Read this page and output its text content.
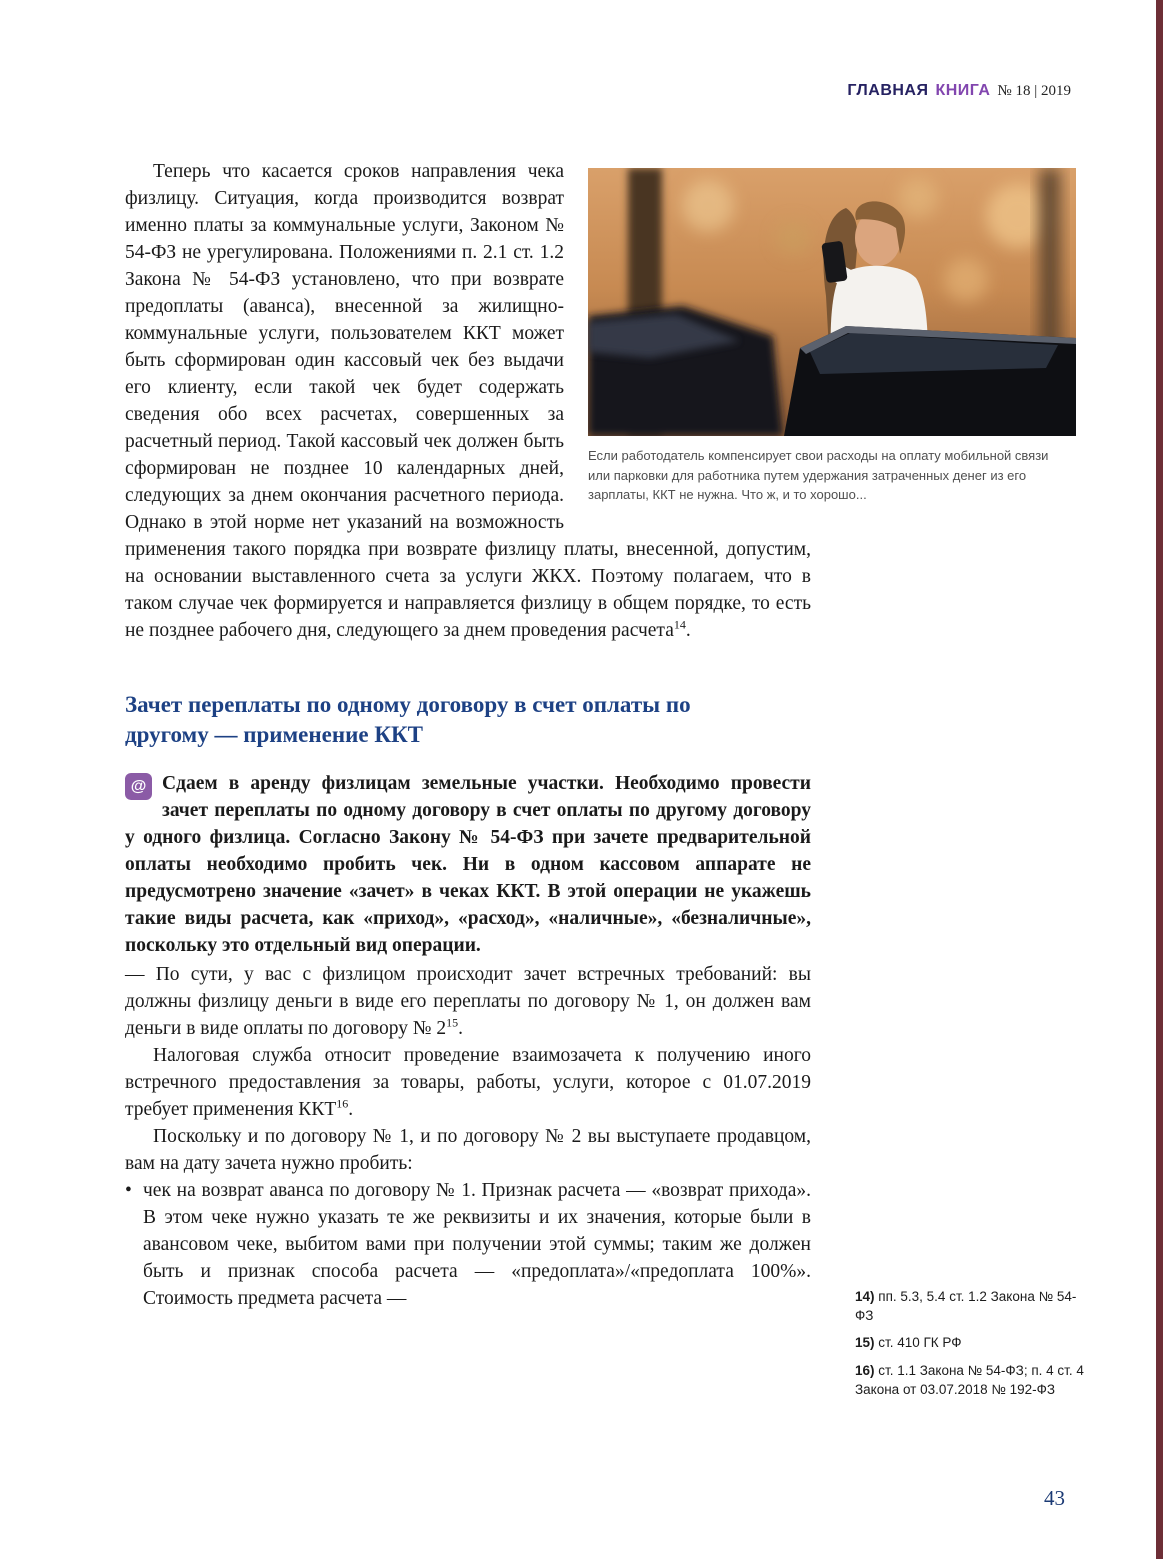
ГЛАВНАЯ КНИГА № 18 | 2019
Если работодатель компенсирует свои расходы на оплату мобильной связи или парковки для работника путем удержания затраченных денег из его зарплаты, ККТ не нужна. Что ж, и то хорошо...

Теперь что касается сроков направления чека физлицу. Ситуация, когда производится возврат именно платы за коммунальные услуги, Законом № 54-ФЗ не урегулирована. Положениями п. 2.1 ст. 1.2 Закона № 54-ФЗ установлено, что при возврате предоплаты (аванса), внесенной за жилищно-коммунальные услуги, пользователем ККТ может быть сформирован один кассовый чек без выдачи его клиенту, если такой чек будет содержать сведения обо всех расчетах, совершенных за расчетный период. Такой кассовый чек должен быть сформирован не позднее 10 календарных дней, следующих за днем окончания расчетного периода. Однако в этой норме нет указаний на возможность применения такого порядка при возврате физлицу платы, внесенной, допустим, на основании выставленного счета за услуги ЖКХ. Поэтому полагаем, что в таком случае чек формируется и направляется физлицу в общем порядке, то есть не позднее рабочего дня, следующего за днем проведения расчета$^{14}$.

Зачет переплаты по одному договору в счет оплаты по другому — применение ККТ
@ Сдаем в аренду физлицам земельные участки. Необходимо провести зачет переплаты по одному договору в счет оплаты по другому договору у одного физлица. Согласно Закону № 54-ФЗ при зачете предварительной оплаты необходимо пробить чек. Ни в одном кассовом аппарате не предусмотрено значение «зачет» в чеках ККТ. В этой операции не укажешь такие виды расчета, как «приход», «расход», «наличные», «безналичные», поскольку это отдельный вид операции.

— По сути, у вас с физлицом происходит зачет встречных требований: вы должны физлицу деньги в виде его переплаты по договору № 1, он должен вам деньги в виде оплаты по договору № 2$^{15}$.

Налоговая служба относит проведение взаимозачета к получению иного встречного предоставления за товары, работы, услуги, которое с 01.07.2019 требует применения ККТ$^{16}$.

Поскольку и по договору № 1, и по договору № 2 вы выступаете продавцом, вам на дату зачета нужно пробить:

• чек на возврат аванса по договору № 1. Признак расчета — «возврат прихода». В этом чеке нужно указать те же реквизиты и их значения, которые были в авансовом чеке, выбитом вами при получении этой суммы; таким же должен быть и признак способа расчета — «предоплата»/«предоплата 100%». Стоимость предмета расчета —	14) пп. 5.3, 5.4 ст. 1.2 Закона № 54-ФЗ

15) ст. 410 ГК РФ

16) ст. 1.1 Закона № 54-ФЗ; п. 4 ст. 4 Закона от 03.07.2018 № 192-ФЗ

43
